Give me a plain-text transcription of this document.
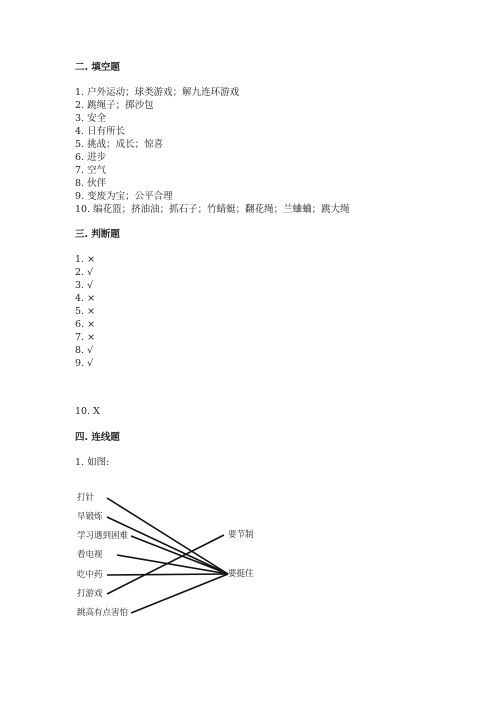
二. 填空题
1. 户外运动；球类游戏；解九连环游戏
2. 跳绳子；掷沙包
3. 安全
4. 日有所长
5. 挑战；成长；惊喜
6. 进步
7. 空气
8. 伙伴
9. 变废为宝；公平合理
10. 编花篮；挤油油；抓石子；竹蜻蜓；翻花绳；兰蛐蛐；跳大绳
三. 判断题
1. ×
2. √
3. √
4. ×
5. ×
6. ×
7. ×
8. √
9. √
10. X
四. 连线题
1. 如图:
打针
早锻炼
学习遇到困难
看电视
吃中药
打游戏
跳高有点害怕
要节制
要挺住
